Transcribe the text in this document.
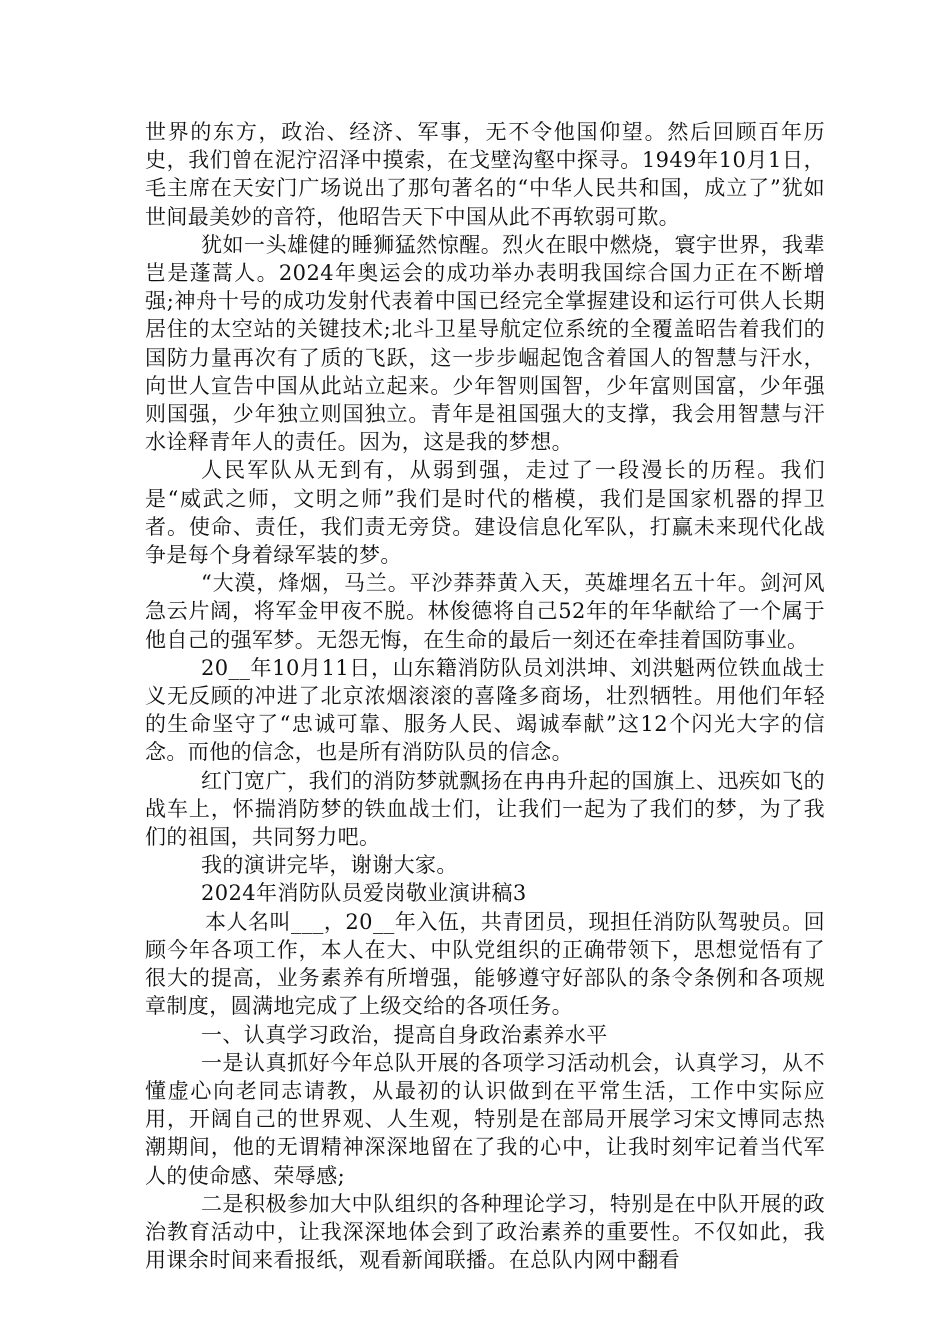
世界的东方，政治、经济、军事，无不令他国仰望。然后回顾百年历史，我们曾在泥泞沼泽中摸索，在戈壁沟壑中探寻。1949年10月1日，毛主席在天安门广场说出了那句著名的“中华人民共和国，成立了”犹如世间最美妙的音符，他昭告天下中国从此不再软弱可欺。

犹如一头雄健的睡狮猛然惊醒。烈火在眼中燃烧，寰宇世界，我辈岂是蓬蒿人。2024年奥运会的成功举办表明我国综合国力正在不断增强;神舟十号的成功发射代表着中国已经完全掌握建设和运行可供人长期居住的太空站的关键技术;北斗卫星导航定位系统的全覆盖昭告着我们的国防力量再次有了质的飞跃，这一步步崛起饱含着国人的智慧与汗水，向世人宣告中国从此站立起来。少年智则国智，少年富则国富，少年强则国强，少年独立则国独立。青年是祖国强大的支撑，我会用智慧与汗水诠释青年人的责任。因为，这是我的梦想。

人民军队从无到有，从弱到强，走过了一段漫长的历程。我们是“威武之师，文明之师”我们是时代的楷模，我们是国家机器的捍卫者。使命、责任，我们责无旁贷。建设信息化军队，打赢未来现代化战争是每个身着绿军装的梦。

“大漠，烽烟，马兰。平沙莽莽黄入天，英雄埋名五十年。剑河风急云片阔，将军金甲夜不脱。林俊德将自己52年的年华献给了一个属于他自己的强军梦。无怨无悔，在生命的最后一刻还在牵挂着国防事业。

20__年10月11日，山东籍消防队员刘洪坤、刘洪魁两位铁血战士义无反顾的冲进了北京浓烟滚滚的喜隆多商场，壮烈牺牲。用他们年轻的生命坚守了“忠诚可靠、服务人民、竭诚奉献”这12个闪光大字的信念。而他的信念，也是所有消防队员的信念。

红门宽广，我们的消防梦就飘扬在冉冉升起的国旗上、迅疾如飞的战车上，怀揣消防梦的铁血战士们，让我们一起为了我们的梦，为了我们的祖国，共同努力吧。

我的演讲完毕，谢谢大家。

2024年消防队员爱岗敬业演讲稿3

本人名叫___，20__年入伍，共青团员，现担任消防队驾驶员。回顾今年各项工作，本人在大、中队党组织的正确带领下，思想觉悟有了很大的提高，业务素养有所增强，能够遵守好部队的条令条例和各项规章制度，圆满地完成了上级交给的各项任务。

一、认真学习政治，提高自身政治素养水平

一是认真抓好今年总队开展的各项学习活动机会，认真学习，从不懂虚心向老同志请教，从最初的认识做到在平常生活，工作中实际应用，开阔自己的世界观、人生观，特别是在部局开展学习宋文博同志热潮期间，他的无谓精神深深地留在了我的心中，让我时刻牢记着当代军人的使命感、荣辱感;

二是积极参加大中队组织的各种理论学习，特别是在中队开展的政治教育活动中，让我深深地体会到了政治素养的重要性。不仅如此，我用课余时间来看报纸，观看新闻联播。在总队内网中翻看
